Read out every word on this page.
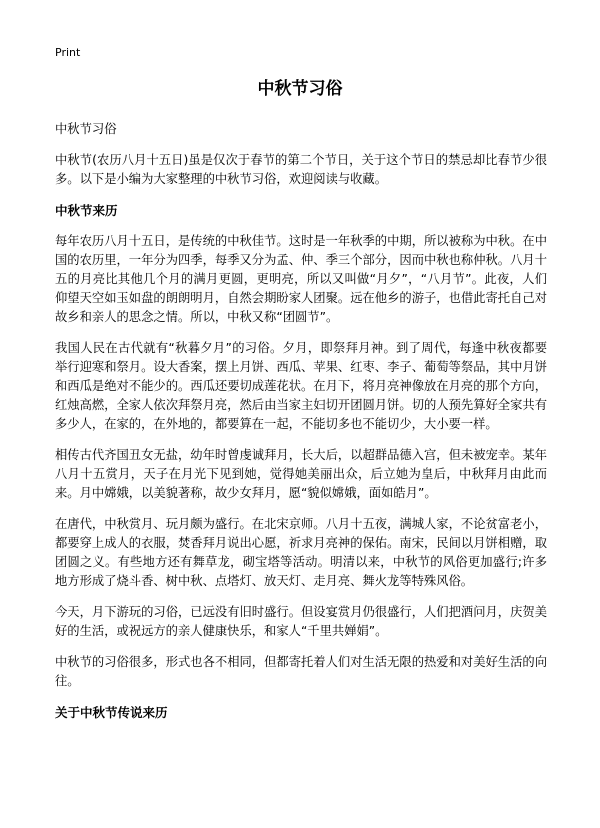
Print
中秋节习俗

中秋节习俗

中秋节(农历八月十五日)虽是仅次于春节的第二个节日，关于这个节日的禁忌却比春节少很多。以下是小编为大家整理的中秋节习俗，欢迎阅读与收藏。

中秋节来历

每年农历八月十五日，是传统的中秋佳节。这时是一年秋季的中期，所以被称为中秋。在中国的农历里，一年分为四季，每季又分为孟、仲、季三个部分，因而中秋也称仲秋。八月十五的月亮比其他几个月的满月更圆，更明亮，所以又叫做“月夕”，“八月节”。此夜，人们仰望天空如玉如盘的朗朗明月，自然会期盼家人团聚。远在他乡的游子，也借此寄托自己对故乡和亲人的思念之情。所以，中秋又称“团圆节”。

我国人民在古代就有“秋暮夕月”的习俗。夕月，即祭拜月神。到了周代，每逢中秋夜都要举行迎寒和祭月。设大香案，摆上月饼、西瓜、苹果、红枣、李子、葡萄等祭品，其中月饼和西瓜是绝对不能少的。西瓜还要切成莲花状。在月下，将月亮神像放在月亮的那个方向，红烛高燃，全家人依次拜祭月亮，然后由当家主妇切开团圆月饼。切的人预先算好全家共有多少人，在家的，在外地的，都要算在一起，不能切多也不能切少，大小要一样。

相传古代齐国丑女无盐，幼年时曾虔诚拜月，长大后，以超群品德入宫，但未被宠幸。某年八月十五赏月，天子在月光下见到她，觉得她美丽出众，后立她为皇后，中秋拜月由此而来。月中嫦娥，以美貌著称，故少女拜月，愿“貌似嫦娥，面如皓月”。

在唐代，中秋赏月、玩月颇为盛行。在北宋京师。八月十五夜，满城人家，不论贫富老小，都要穿上成人的衣服，焚香拜月说出心愿，祈求月亮神的保佑。南宋，民间以月饼相赠，取团圆之义。有些地方还有舞草龙，砌宝塔等活动。明清以来，中秋节的风俗更加盛行;许多地方形成了烧斗香、树中秋、点塔灯、放天灯、走月亮、舞火龙等特殊风俗。

今天，月下游玩的习俗，已远没有旧时盛行。但设宴赏月仍很盛行，人们把酒问月，庆贺美好的生活，或祝远方的亲人健康快乐，和家人“千里共婵娟”。

中秋节的习俗很多，形式也各不相同，但都寄托着人们对生活无限的热爱和对美好生活的向往。

关于中秋节传说来历
